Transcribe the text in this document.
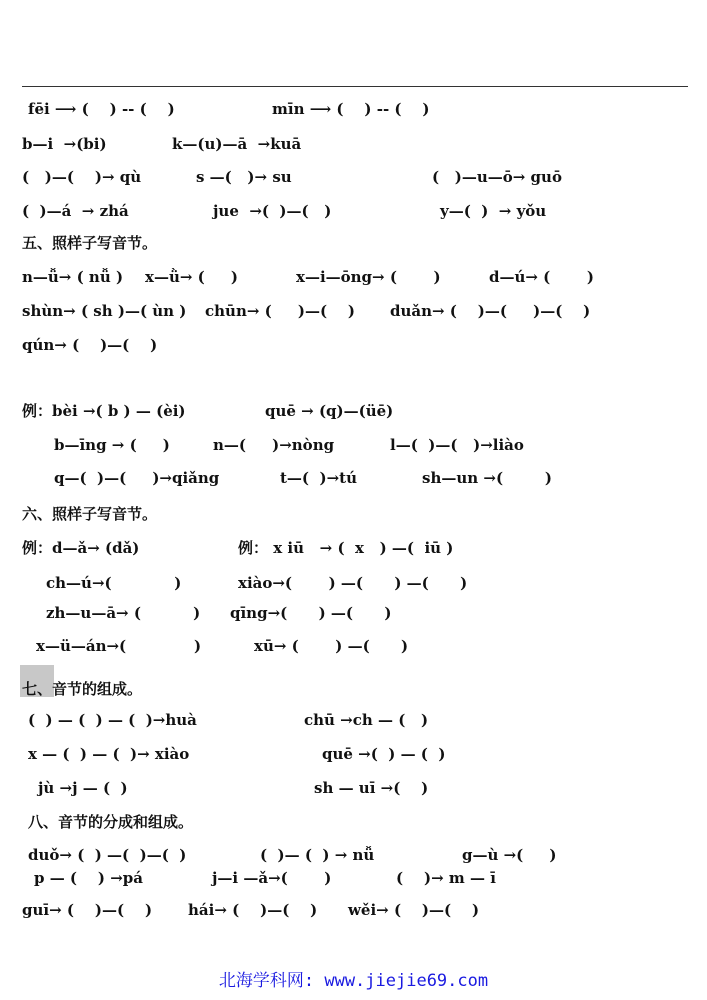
fēi ⟶ (    ) -- (    )	mīn ⟶ (    ) -- (    )
b—i  →(bi)	k—(u)—ā  →kuā
(   )—(    )→ qù	s —(   )→ su	(   )—u—ō→ guō
(  )—á  → zhá	jue  →(  )—(   )	y—(  )  → yǒu
五、照样子写音节。
n—ǚ→ ( nǚ ) x—ǜ→ (     )	x—i—ōng→ (       )	d—ú→ (       )
shùn→ ( sh )—( ùn ) chūn→ (     )—(    ) duǎn→ (    )—(     )—(    )
qún→ (    )—(    )
例：bèi →( b ) — (èi)	quē → (q)—(üē)
b—īng → (     )	n—(     )→nòng	l—(  )—(   )→liào
q—(  )—(     )→qiǎng	t—(  )→tú	sh—un →(        )
六、照样子写音节。
例：d—ǎ→ (dǎ)	例： x iū   → (  x   ) —(  iū )
ch—ú→(            )	xiào→(       ) —(      ) —(      )
zh—u—ā→ (          ) qīng→(      ) —(      )
x—ü—án→(             )	xū→ (       ) —(      )
七、音节的组成。
(  ) — (  ) — (  )→huà	chū →ch — (   )
x — (  ) — (  )→ xiào	quē →(  ) — (  )
jù →j — (  )	sh — uī →(    )
八、音节的分成和组成。
duǒ→ (  ) —(  )—(  )	(  )— (  ) → nǚ	g—ù →(     )
p — (    ) →pá	j—i —ǎ→(       )	(    )→ m — ī
guī→ (    )—(    ) hái→ (    )—(    ) wěi→ (    )—(    )
北海学科网: www.jiejie69.com
